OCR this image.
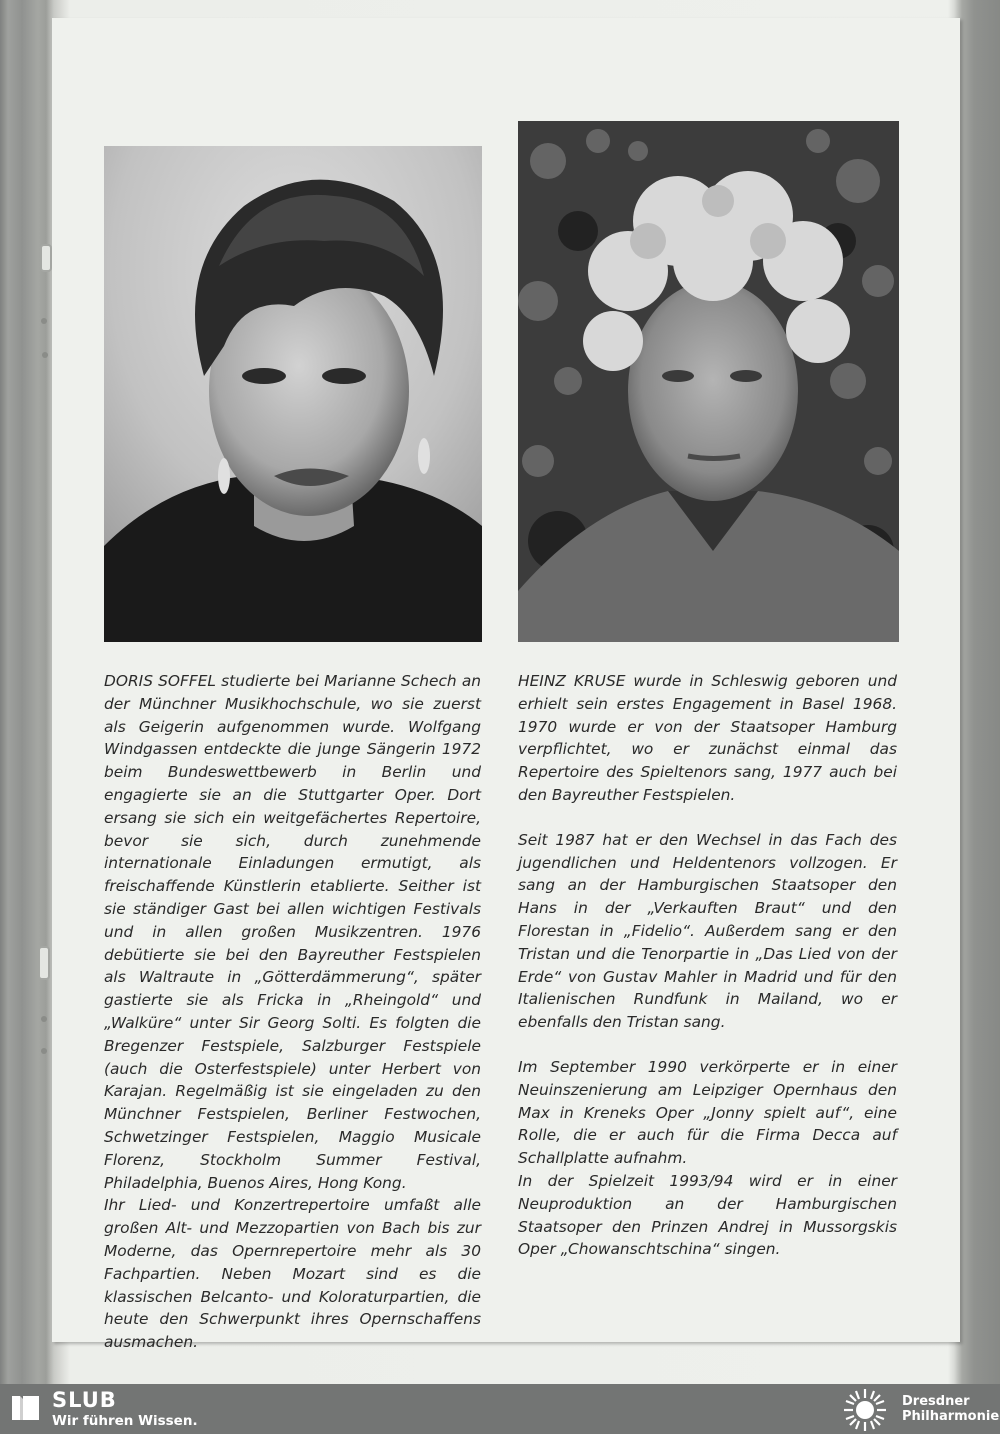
DORIS SOFFEL studierte bei Marianne Schech an der Münchner Musikhochschule, wo sie zuerst als Geigerin aufgenommen wurde. Wolfgang Windgassen entdeckte die junge Sängerin 1972 beim Bundeswettbewerb in Berlin und engagierte sie an die Stuttgarter Oper. Dort ersang sie sich ein weitgefächertes Repertoire, bevor sie sich, durch zunehmende internationale Einladungen ermutigt, als freischaffende Künstlerin etablierte. Seither ist sie ständiger Gast bei allen wichtigen Festivals und in allen großen Musikzentren. 1976 debütierte sie bei den Bayreuther Festspielen als Waltraute in „Götterdämmerung“, später gastierte sie als Fricka in „Rheingold“ und „Walküre“ unter Sir Georg Solti. Es folgten die Bregenzer Festspiele, Salzburger Festspiele (auch die Osterfestspiele) unter Herbert von Karajan. Regelmäßig ist sie eingeladen zu den Münchner Festspielen, Berliner Festwochen, Schwetzinger Festspielen, Maggio Musicale Florenz, Stockholm Summer Festival, Philadelphia, Buenos Aires, Hong Kong.

Ihr Lied- und Konzertrepertoire umfaßt alle großen Alt- und Mezzopartien von Bach bis zur Moderne, das Opernrepertoire mehr als 30 Fachpartien. Neben Mozart sind es die klassischen Belcanto- und Koloraturpartien, die heute den Schwerpunkt ihres Opernschaffens ausmachen.

HEINZ KRUSE wurde in Schleswig geboren und erhielt sein erstes Engagement in Basel 1968. 1970 wurde er von der Staatsoper Hamburg verpflichtet, wo er zunächst einmal das Repertoire des Spieltenors sang, 1977 auch bei den Bayreuther Festspielen.

Seit 1987 hat er den Wechsel in das Fach des jugendlichen und Heldentenors vollzogen. Er sang an der Hamburgischen Staatsoper den Hans in der „Verkauften Braut“ und den Florestan in „Fidelio“. Außerdem sang er den Tristan und die Tenorpartie in „Das Lied von der Erde“ von Gustav Mahler in Madrid und für den Italienischen Rundfunk in Mailand, wo er ebenfalls den Tristan sang.

Im September 1990 verkörperte er in einer Neuinszenierung am Leipziger Opernhaus den Max in Kreneks Oper „Jonny spielt auf“, eine Rolle, die er auch für die Firma Decca auf Schallplatte aufnahm.

In der Spielzeit 1993/94 wird er in einer Neuproduktion an der Hamburgischen Staatsoper den Prinzen Andrej in Mussorgskis Oper „Chowanschtschina“ singen.

SLUB
Wir führen Wissen.
Dresdner
Philharmonie
